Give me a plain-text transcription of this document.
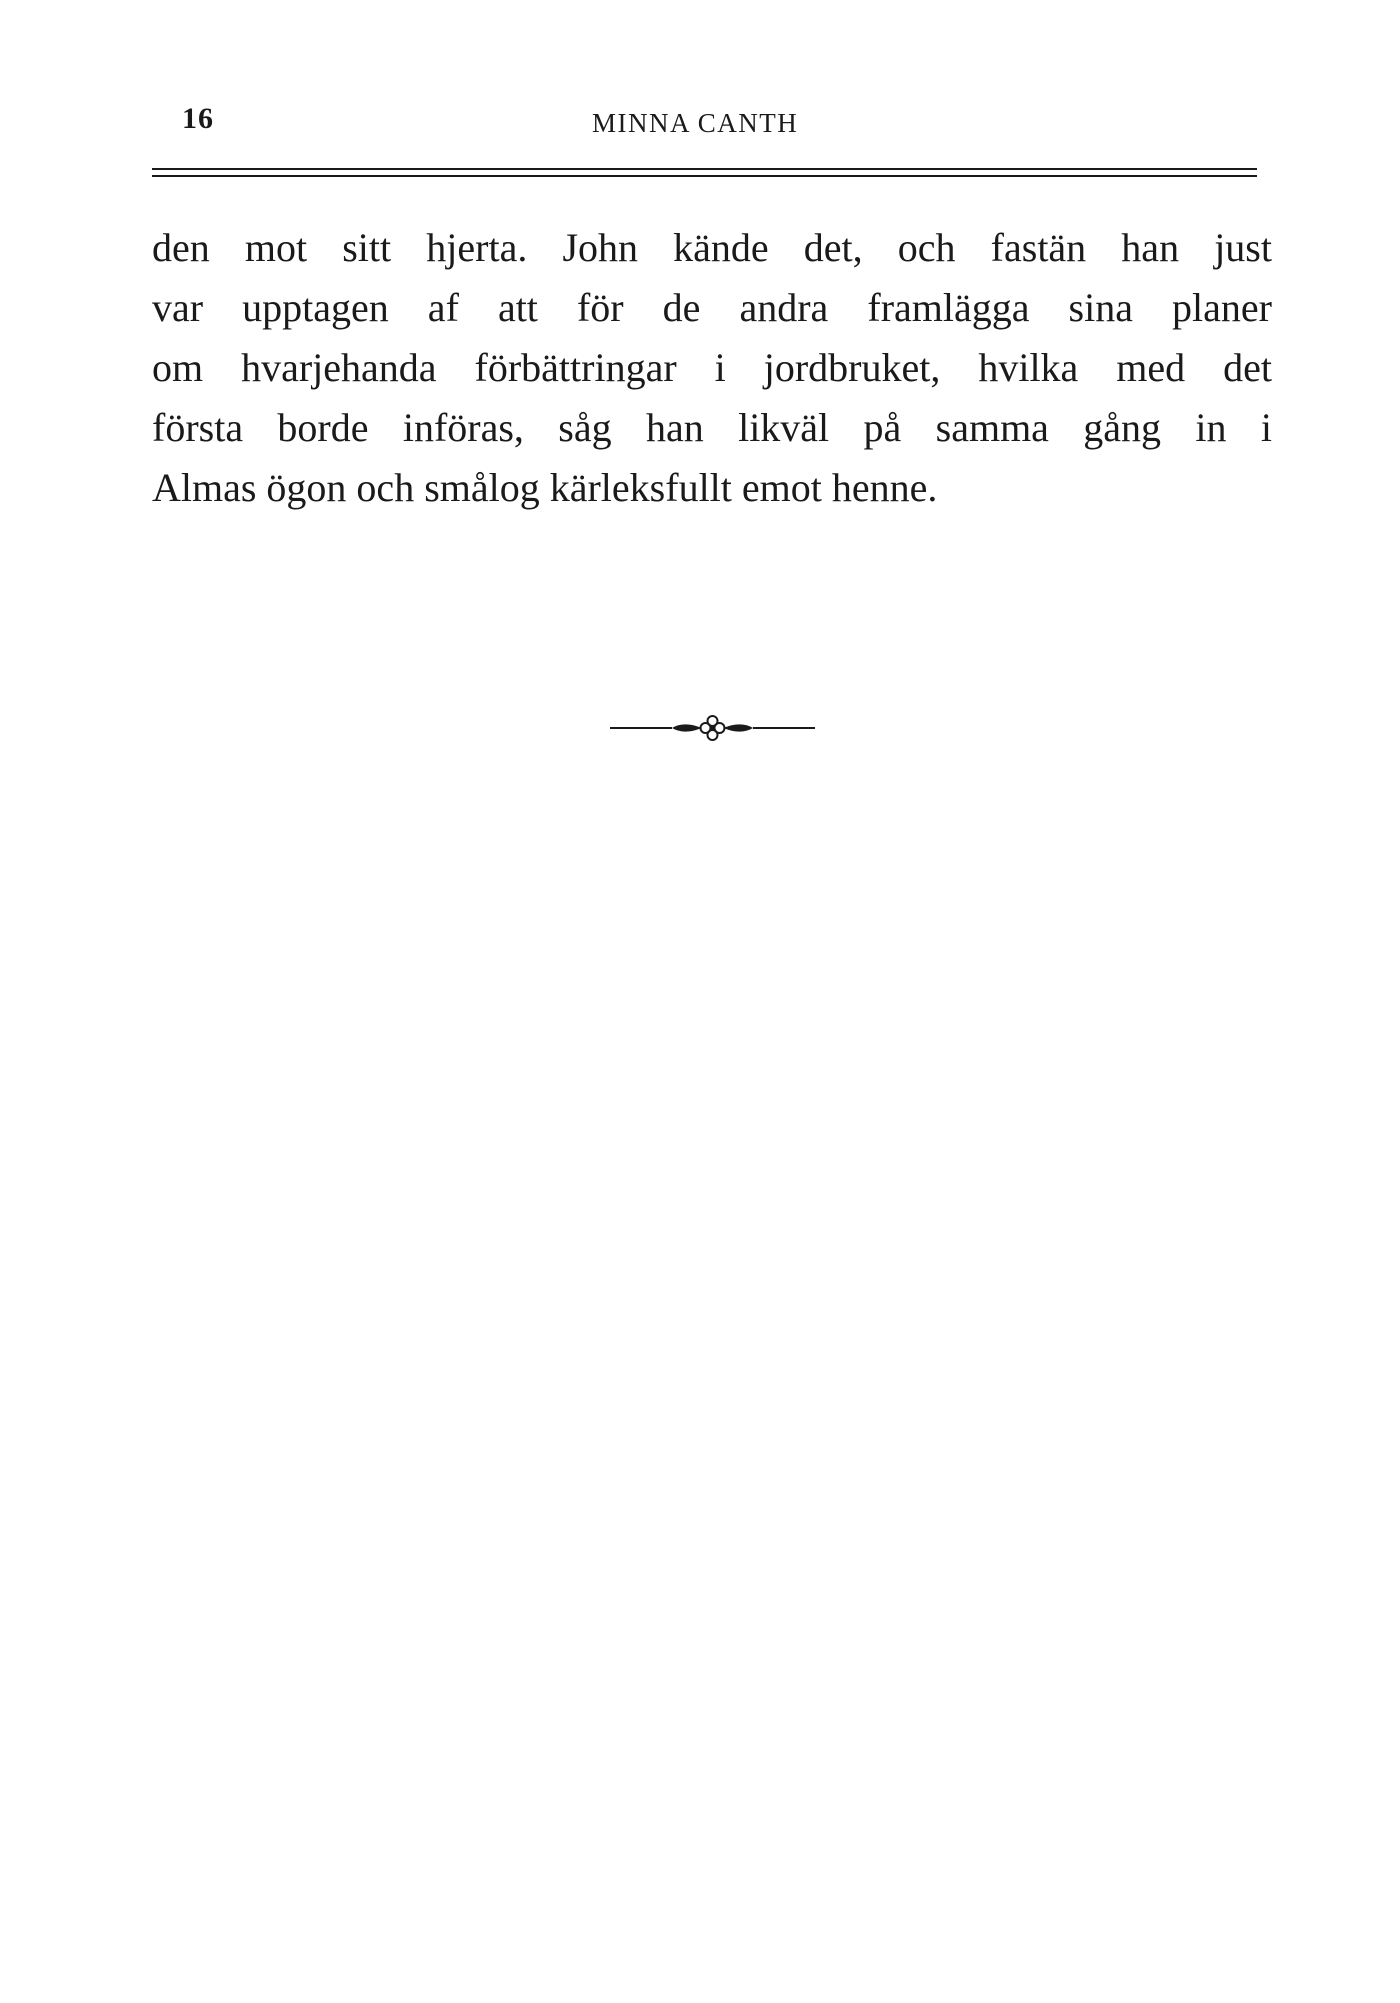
16	MINNA CANTH
den mot sitt hjerta. John kände det, och fastän han just
var upptagen af att för de andra framlägga sina planer
om hvarjehanda förbättringar i jordbruket, hvilka med det
första borde införas, såg han likväl på samma gång in i
Almas ögon och smålog kärleksfullt emot henne.
